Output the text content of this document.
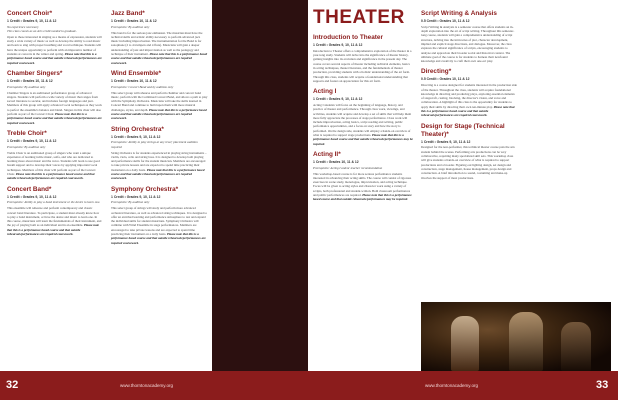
Concert Choir*
1 Credit • Grades 9, 10, 11 & 12
No experience necessary
This class counts as an Arts credit needed to graduate.

Open to those interested in singing as a means of expression, students will study a wide variety of music as well as develop the ability to read music and learn to sing with proper breathing and vocal technique. Students will have the unique opportunity to perform with an impressive number of students at concerts in the winter and spring. Please note that this is a performance based course and that outside rehearsals/performances are required coursework.

Chamber Singers*
1 Credit • Grades 10, 11 & 12
Prerequisite: By audition only

Chamber Singers is an auditioned performance group of advanced singers. Students will perform a wide variety of music that ranges from sacred literature to secular, and includes foreign languages and jazz. Members of this group will apply advanced vocal techniques as they work to perfect the ensemble's balance and blend. Singers in this choir will also perform as part of the Concert Choir. Please note that this is a performance based course and that outside rehearsals/performances are required coursework.

Treble Choir*
1 Credit • Grades 9, 10, 11 & 12
Prerequisite: By audition only

Treble Choir is an auditioned group of singers who want a unique experience of learning treble music, solfa, and who are dedicated to learning more about music and the voice. Students will learn to use good breath support and to develop their voices by applying important vocal techniques. Members of this choir will perform as part of the Concert Choir. Please note that this is a performance based course and that outside rehearsals/performances are required coursework.

Concert Band*
1 Credit • Grades 9, 10, 11 & 12
Prerequisite: Ability to play a band instrument or the desire to learn one.

This ensemble will rehearse and perform contemporary and classic concert band literature. To participate, a student must already know how to play a band instrument, or have the desire and intent to learn one. In this course, musicians will learn the fundamentals of their instrument, and the joy of playing both as an individual and in an ensemble. Please note that this is a performance based course and that outside rehearsals/performances are required coursework.

Jazz Band*
1 Credit • Grades 10, 11 & 12
Prerequisite: By audition only

This band is for the serious jazz enthusiast. The musician must have the technical skills and artistic ability necessary to perform advanced jazz music including improvisation. The instrumentation for the Band is for saxophone (2 to 4 trumpets and 4 flute). Musicians will gain a deeper understanding of jazz and improvisation as well as the pedagogy and technique of their instrument. Please note that this is a performance based course and that outside rehearsals/performances are required coursework.

Wind Ensemble*
1 Credit • Grades 10, 11 & 12
Prerequisite: Concert Band and by audition only

This select group will rehearse and perform chamber and concert band music, perform with the Combined Concert Band, and allows a path to play with the Symphony Orchestra. Musicians will take the skills learned in Concert Band and continue to build upon them with more musical challenges, styles, and depth. Please note that this is a performance based course and that outside rehearsals/performances are required coursework.

String Orchestra*
1 Credit • Grades 9, 10, 11 & 12
Prerequisite: Ability to play strings at any level; placement audition required

String Orchestra is for students experienced in playing string instruments – violin, viola, cello and string bass. It is designed to develop both playing and performance skills for the student musician. Members are encouraged to take private lessons and are expected to spend time practicing their instrument on a daily basis. Please note that this is a performance based course and that outside rehearsals/performances are required coursework.

Symphony Orchestra*
1 Credit • Grades 9, 10, 11 & 12
Prerequisite: By audition only

This select group of strings will study and perform more advanced orchestral literature, as well as advanced string techniques. It is designed to offer an enriched learning and performance atmosphere to test and expand the individual skills for student musicians. Symphony Orchestra will combine with Wind Ensemble in stage performances. Members are encouraged to take private lessons and are expected to spend time practicing their instrument on a daily basis. Please note that this is a performance based course and that outside rehearsals/performances are required coursework.

THEATER
Introduction to Theater
1 Credit • Grades 9, 10, 11 & 12

Introduction to Theater offers a comprehensive exploration of the theater in a year-long study. Students will delve into the significance of theater history, gaining insights into its evolution and significance in the present day. The course covers several aspects of theater including technical elements, basics in acting techniques, theater literature, and the fundamentals of theater production, providing students with a holistic understanding of the art form. Through this class, students will acquire a foundational understanding that supports and fosters an appreciation for this art form.

Acting I
1 Credit • Grades 9, 10, 11 & 12

Acting I students will focus on the beginning of language, history, and practice of theater and performance. Through class work, viewings, and activities, students will acquire and develop a set of skills that will help them more fully appreciate the processes of stage performance. Class work will include improvisation, acting basics, script reading and writing, public performance opportunities, and a focus on story and how the story is performed. On the design side, students will employ a hands-on overview of what is required to support stage productions. Please note that this is a performance based course and that outside rehearsals/performances may be required.

Acting II*
1 Credit • Grades 10, 11 & 12
Prerequisite: Acting I and/or teacher recommendation

This workshop-based course is for more serious performance students interested in advancing their acting skills. The course will consist of rigorous exercises in scene study, monologue, improvisation, and acting technique. Focus will be given to acting styles and character work using a variety of scripts, both professional and student-written. Both classroom performances and public performances are required. Please note that this is a performance based course and that outside rehearsals/performances may be required.

Script Writing & Analysis
0.5 Credit • Grades 10, 11 & 12

Script Writing & Analysis is a semester course that offers students an in-depth exploration into the art of script writing. Throughout this semester-long course, students will gain a comprehensive understanding of script structure, delving into the intricacies of plot, character development, implied and explicit stage directions, and dialogue. Moreover, the class explores the cultural significance of scripts, encouraging students to analyze and appreciate their broader social and historical context. The ultimate goal of the course is for students to harness their newfound knowledge and creativity to craft their own one-act play.

Directing*
0.5 Credit • Grades 10, 11 & 12

Directing is a course designed for students interested in the production side of the theater. Throughout the class, students will acquire foundational knowledge in directing and producing plays, exploring essential elements of stagecraft, casting, blocking, the director's vision, and voice and collaboration. A highlight of this class is the opportunity for students to apply their skills by directing their own ten-minute play. Please note that this is a performance based course and that outside rehearsals/performances are required coursework.

Design for Stage (Technical Theater)*
1 Credit • Grades 9, 10, 11 & 12

Designed for the non-performer, this technical theater course puts the arts student behind the scenes. Performing arts productions can be very collaborative, requiring many specialized skill sets. This workshop class will give students a hands-on overview of what is required to support productions and a broader. Figuring out lighting design, set design and construction, stage management, house management, props design and construction. A brief introduction to sound, costuming and make-up involves the support of most productions.

32	www.thorntonacademy.org	www.thorntonacademy.org	33
